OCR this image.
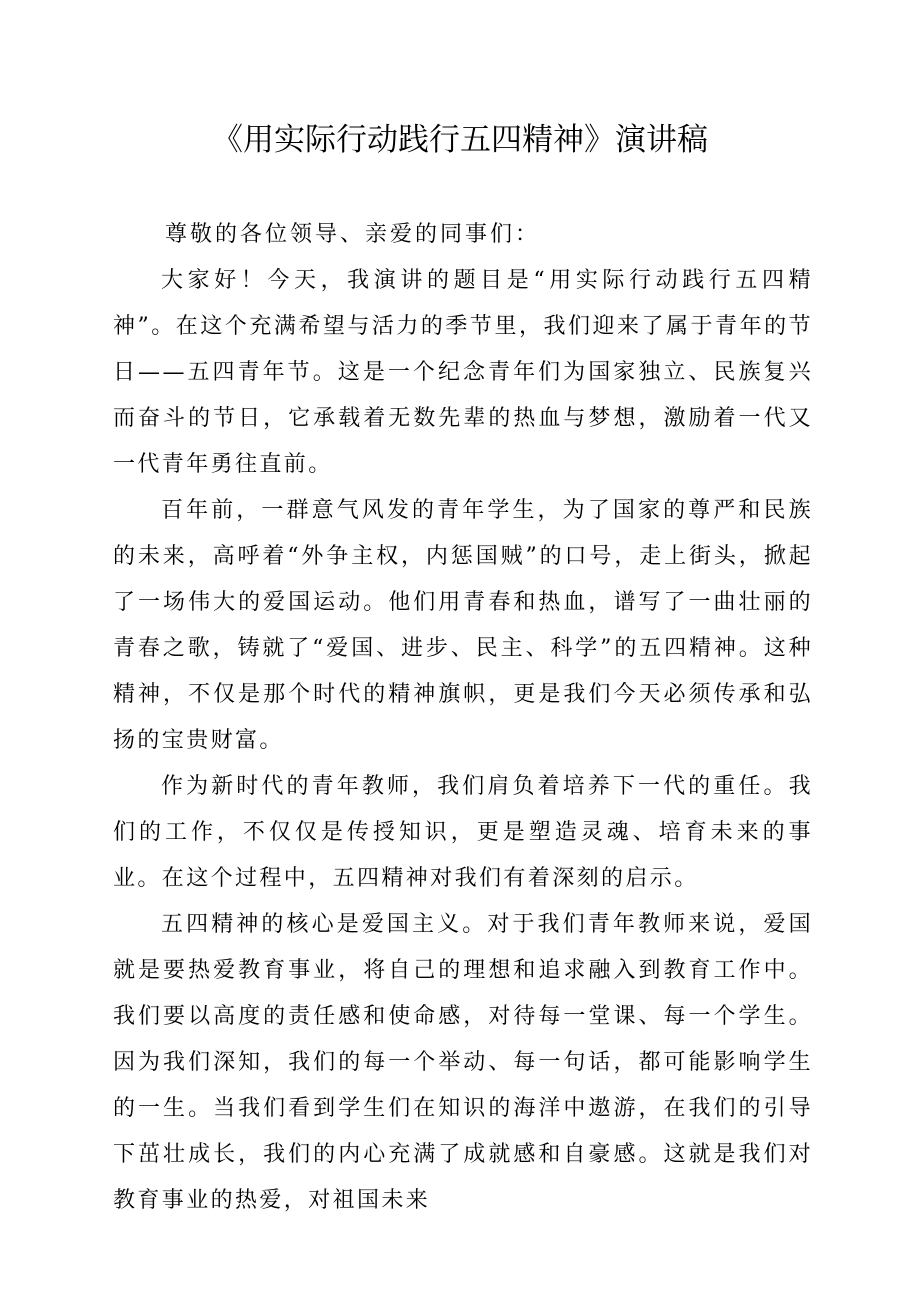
《用实际行动践行五四精神》演讲稿

尊敬的各位领导、亲爱的同事们：

大家好！今天，我演讲的题目是“用实际行动践行五四精神”。在这个充满希望与活力的季节里，我们迎来了属于青年的节日——五四青年节。这是一个纪念青年们为国家独立、民族复兴而奋斗的节日，它承载着无数先辈的热血与梦想，激励着一代又一代青年勇往直前。

百年前，一群意气风发的青年学生，为了国家的尊严和民族的未来，高呼着“外争主权，内惩国贼”的口号，走上街头，掀起了一场伟大的爱国运动。他们用青春和热血，谱写了一曲壮丽的青春之歌，铸就了“爱国、进步、民主、科学”的五四精神。这种精神，不仅是那个时代的精神旗帜，更是我们今天必须传承和弘扬的宝贵财富。

作为新时代的青年教师，我们肩负着培养下一代的重任。我们的工作，不仅仅是传授知识，更是塑造灵魂、培育未来的事业。在这个过程中，五四精神对我们有着深刻的启示。

五四精神的核心是爱国主义。对于我们青年教师来说，爱国就是要热爱教育事业，将自己的理想和追求融入到教育工作中。我们要以高度的责任感和使命感，对待每一堂课、每一个学生。因为我们深知，我们的每一个举动、每一句话，都可能影响学生的一生。当我们看到学生们在知识的海洋中遨游，在我们的引导下茁壮成长，我们的内心充满了成就感和自豪感。这就是我们对教育事业的热爱，对祖国未来
